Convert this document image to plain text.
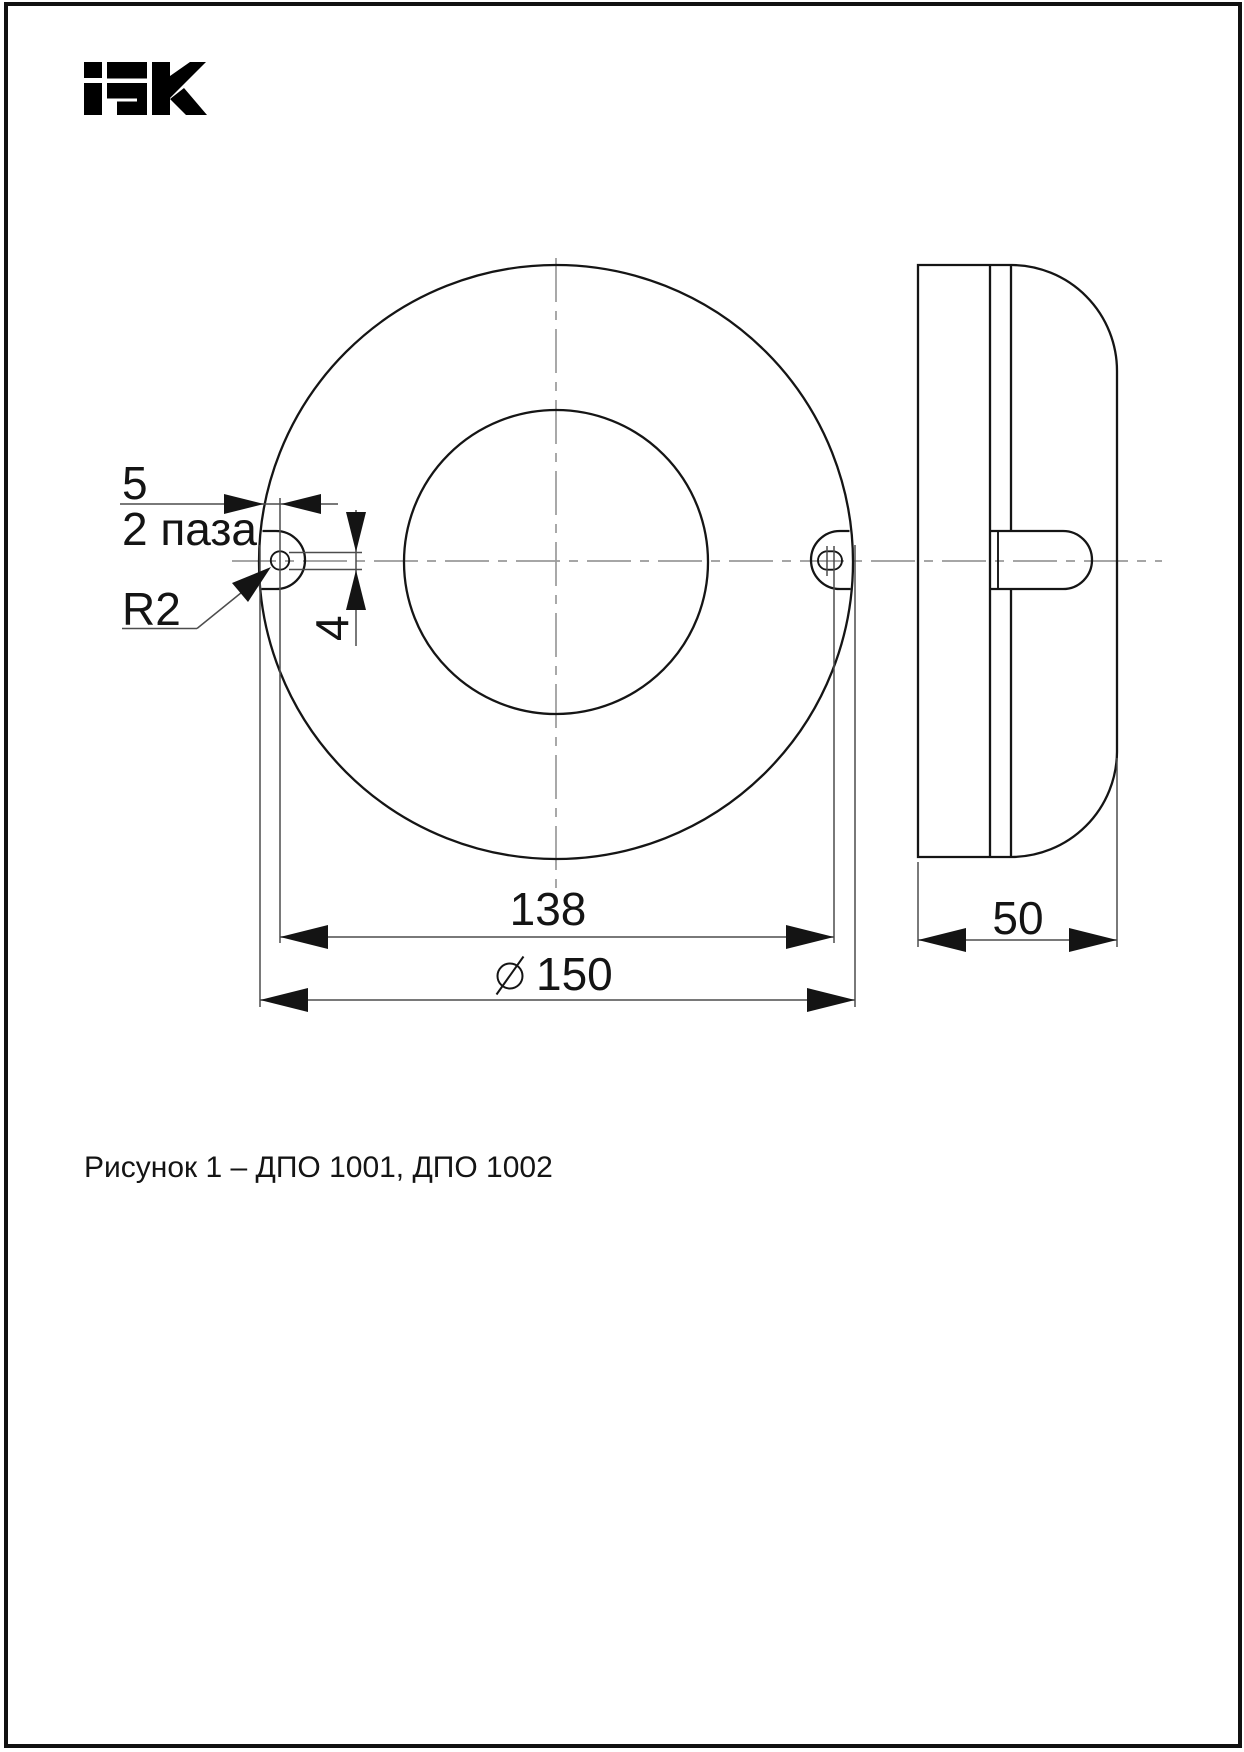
5
2 паза
R2	4
138
150
50
Рисунок 1 – ДПО 1001, ДПО 1002
